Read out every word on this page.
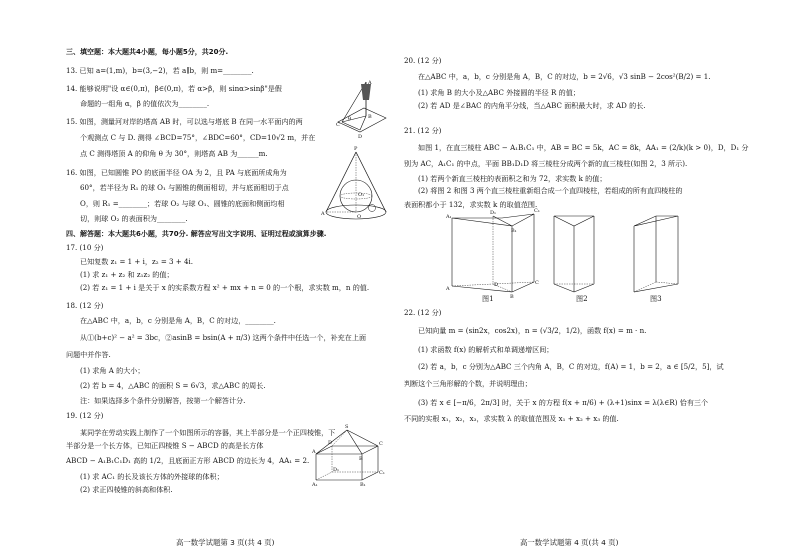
三、填空题：本大题共4小题，每小题5分，共20分.
13. 已知 a=(1,m)，b=(3,−2)，若 a∥b，则 m=________.
14. 能够说明"设 α∈(0,π)，β∈(0,π)，若 α>β，则 sinα>sinβ"是假
命题的一组角 α，β 的值依次为________.
15. 如图，测量河对岸的塔高 AB 时，可以选与塔底 B 在同一水平面内的两
个观测点 C 与 D. 测得 ∠BCD=75°，∠BDC=60°，CD=10√2 m，并在
点 C 测得塔顶 A 的仰角 θ 为 30°，则塔高 AB 为______m.
16. 如图，已知圆锥 PO 的底面半径 OA 为 2，且 PA 与底面所成角为
60°，若半径为 R₁ 的球 O₁ 与圆锥的侧面相切，并与底面相切于点
O，则 R₁ =________；若球 O₂ 与球 O₁、圆锥的底面和侧面均相
切，则球 O₂ 的表面积为________.
四、解答题：本大题共6小题，共70分. 解答应写出文字说明、证明过程或演算步骤.
17. (10 分)
已知复数 z₁ = 1 + i，z₂ = 3 + 4i.
(1) 求 z₁ + z₂ 和 z₁z₂ 的值；
(2) 若 z₁ = 1 + i 是关于 x 的实系数方程 x² + mx + n = 0 的一个根，求实数 m，n 的值.
18. (12 分)
在△ABC 中，a，b，c 分别是角 A，B，C 的对边，________.
从①(b+c)² − a² = 3bc，②asinB = bsin(A + π/3) 这两个条件中任选一个，补充在上面
问题中并作答.
(1) 求角 A 的大小；
(2) 若 b = 4，△ABC 的面积 S = 6√3，求△ABC 的周长.
注：如果选择多个条件分别解答，按第一个解答计分.
19. (12 分)
某同学在劳动实践上制作了一个如图所示的容器，其上半部分是一个正四棱锥，下
半部分是一个长方体，已知正四棱锥 S − ABCD 的高是长方体
ABCD − A₁B₁C₁D₁ 高的 1/2，且底面正方形 ABCD 的边长为 4，AA₁ = 2.
(1) 求 AC₁ 的长及该长方体的外接球的体积；
(2) 求正四棱锥的斜高和体积.
A
B
C
D
θ
P
O₁
O
A
S
D	C
A
B
D₁	C₁
A₁	B₁
20. (12 分)
在△ABC 中，a，b，c 分别是角 A，B，C 的对边，b = 2√6，√3 sinB − 2cos²(B/2) = 1.
(1) 求角 B 的大小及△ABC 外接圆的半径 R 的值；
(2) 若 AD 是∠BAC 的内角平分线，当△ABC 面积最大时，求 AD 的长.
21. (12 分)
如图 1，在直三棱柱 ABC − A₁B₁C₁ 中，AB = BC = 5k，AC = 8k，AA₁ = (2/k)(k > 0)，D，D₁ 分
别为 AC，A₁C₁ 的中点，平面 BB₁D₁D 将三棱柱分成两个新的直三棱柱(如图 2，3 所示).
(1) 若两个新直三棱柱的表面积之和为 72，求实数 k 的值；
(2) 将图 2 和图 3 两个直三棱柱重新组合成一个直四棱柱，若组成的所有直四棱柱的
表面积都小于 132，求实数 k 的取值范围.
图1	图2	图3
22. (12 分)
已知向量 m = (sin2x，cos2x)，n = (√3/2，1/2)，函数 f(x) = m · n.
(1) 求函数 f(x) 的解析式和单调递增区间；
(2) 若 a，b，c 分别为△ABC 三个内角 A，B，C 的对边，f(A) = 1，b = 2，a ∈ [5/2，5]，试
判断这个三角形解的个数，并说明理由；
(3) 若 x ∈ [−π/6，2π/3] 时，关于 x 的方程 f(x + π/6) + (λ+1)sinx = λ(λ∈R) 恰有三个
不同的实根 x₁，x₂，x₃，求实数 λ 的取值范围及 x₁ + x₂ + x₃ 的值.
A₁
C₁
D₁
B₁
A
D	C
B
高一数学试题第 3 页(共 4 页)	高一数学试题第 4 页(共 4 页)
